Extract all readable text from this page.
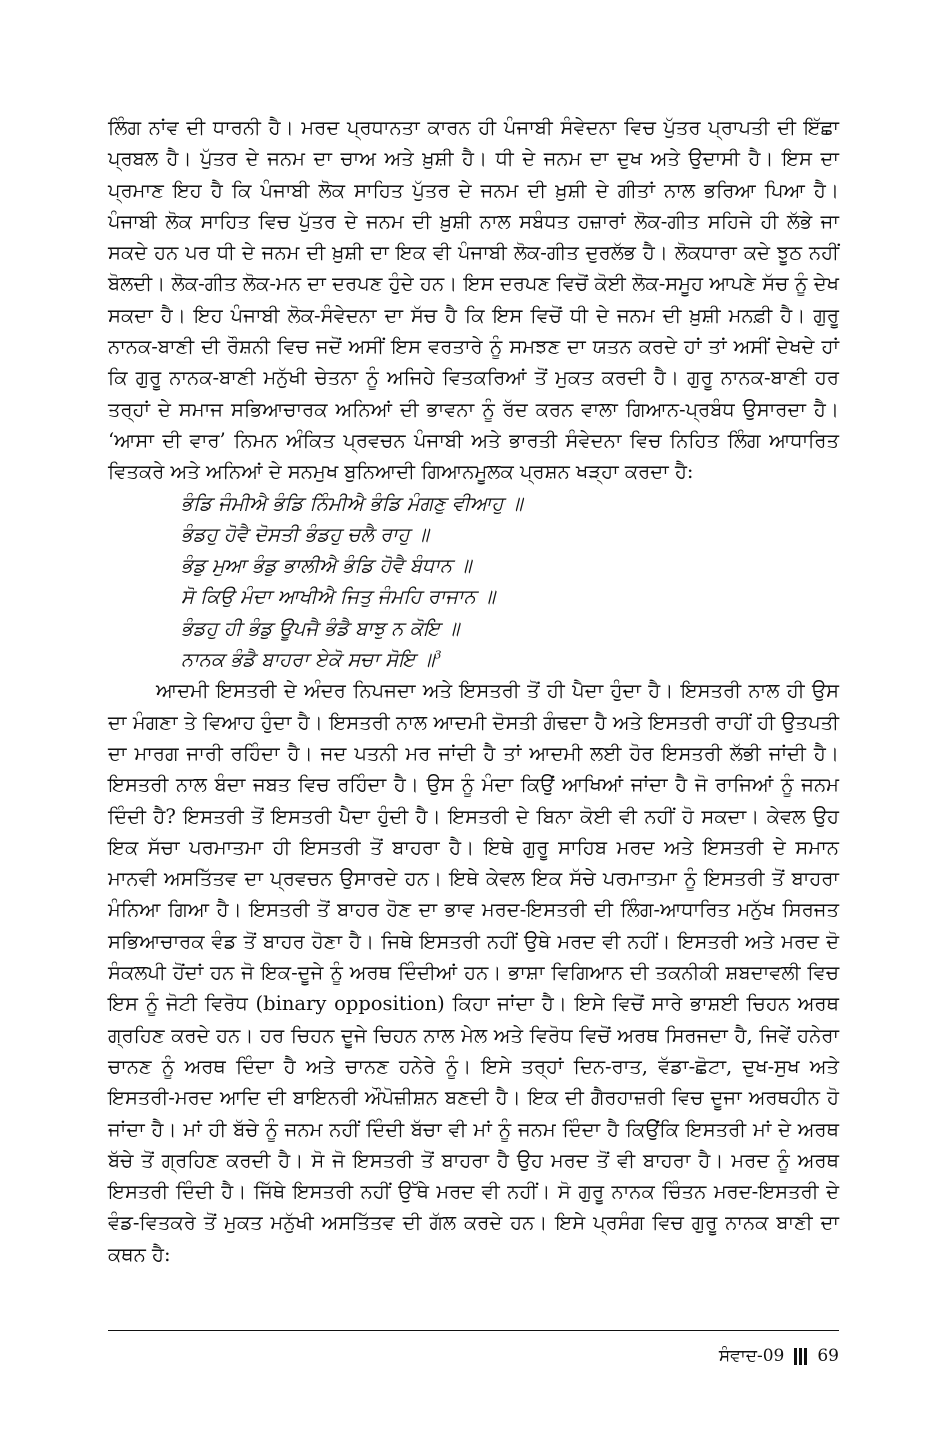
ਲਿੰਗ ਨਾਂਵ ਦੀ ਧਾਰਨੀ ਹੈ। ਮਰਦ ਪ੍ਰਧਾਨਤਾ ਕਾਰਨ ਹੀ ਪੰਜਾਬੀ ਸੰਵੇਦਨਾ ਵਿਚ ਪੁੱਤਰ ਪ੍ਰਾਪਤੀ ਦੀ ਇੱਛਾ ਪ੍ਰਬਲ ਹੈ। ਪੁੱਤਰ ਦੇ ਜਨਮ ਦਾ ਚਾਅ ਅਤੇ ਖ਼ੁਸ਼ੀ ਹੈ। ਧੀ ਦੇ ਜਨਮ ਦਾ ਦੁਖ ਅਤੇ ਉਦਾਸੀ ਹੈ। ਇਸ ਦਾ ਪ੍ਰਮਾਣ ਇਹ ਹੈ ਕਿ ਪੰਜਾਬੀ ਲੋਕ ਸਾਹਿਤ ਪੁੱਤਰ ਦੇ ਜਨਮ ਦੀ ਖ਼ੁਸ਼ੀ ਦੇ ਗੀਤਾਂ ਨਾਲ ਭਰਿਆ ਪਿਆ ਹੈ। ਪੰਜਾਬੀ ਲੋਕ ਸਾਹਿਤ ਵਿਚ ਪੁੱਤਰ ਦੇ ਜਨਮ ਦੀ ਖ਼ੁਸ਼ੀ ਨਾਲ ਸਬੰਧਤ ਹਜ਼ਾਰਾਂ ਲੋਕ-ਗੀਤ ਸਹਿਜੇ ਹੀ ਲੱਭੇ ਜਾ ਸਕਦੇ ਹਨ ਪਰ ਧੀ ਦੇ ਜਨਮ ਦੀ ਖ਼ੁਸ਼ੀ ਦਾ ਇਕ ਵੀ ਪੰਜਾਬੀ ਲੋਕ-ਗੀਤ ਦੁਰਲੱਭ ਹੈ। ਲੋਕਧਾਰਾ ਕਦੇ ਝੂਠ ਨਹੀਂ ਬੋਲਦੀ। ਲੋਕ-ਗੀਤ ਲੋਕ-ਮਨ ਦਾ ਦਰਪਣ ਹੁੰਦੇ ਹਨ। ਇਸ ਦਰਪਣ ਵਿਚੋਂ ਕੋਈ ਲੋਕ-ਸਮੂਹ ਆਪਣੇ ਸੱਚ ਨੂੰ ਦੇਖ ਸਕਦਾ ਹੈ। ਇਹ ਪੰਜਾਬੀ ਲੋਕ-ਸੰਵੇਦਨਾ ਦਾ ਸੱਚ ਹੈ ਕਿ ਇਸ ਵਿਚੋਂ ਧੀ ਦੇ ਜਨਮ ਦੀ ਖ਼ੁਸ਼ੀ ਮਨਫ਼ੀ ਹੈ। ਗੁਰੂ ਨਾਨਕ-ਬਾਣੀ ਦੀ ਰੌਸ਼ਨੀ ਵਿਚ ਜਦੋਂ ਅਸੀਂ ਇਸ ਵਰਤਾਰੇ ਨੂੰ ਸਮਝਣ ਦਾ ਯਤਨ ਕਰਦੇ ਹਾਂ ਤਾਂ ਅਸੀਂ ਦੇਖਦੇ ਹਾਂ ਕਿ ਗੁਰੂ ਨਾਨਕ-ਬਾਣੀ ਮਨੁੱਖੀ ਚੇਤਨਾ ਨੂੰ ਅਜਿਹੇ ਵਿਤਕਰਿਆਂ ਤੋਂ ਮੁਕਤ ਕਰਦੀ ਹੈ। ਗੁਰੂ ਨਾਨਕ-ਬਾਣੀ ਹਰ ਤਰ੍ਹਾਂ ਦੇ ਸਮਾਜ ਸਭਿਆਚਾਰਕ ਅਨਿਆਂ ਦੀ ਭਾਵਨਾ ਨੂੰ ਰੱਦ ਕਰਨ ਵਾਲਾ ਗਿਆਨ-ਪ੍ਰਬੰਧ ਉਸਾਰਦਾ ਹੈ। ‘ਆਸਾ ਦੀ ਵਾਰ’ ਨਿਮਨ ਅੰਕਿਤ ਪ੍ਰਵਚਨ ਪੰਜਾਬੀ ਅਤੇ ਭਾਰਤੀ ਸੰਵੇਦਨਾ ਵਿਚ ਨਿਹਿਤ ਲਿੰਗ ਆਧਾਰਿਤ ਵਿਤਕਰੇ ਅਤੇ ਅਨਿਆਂ ਦੇ ਸਨਮੁਖ ਬੁਨਿਆਦੀ ਗਿਆਨਮੂਲਕ ਪ੍ਰਸ਼ਨ ਖੜ੍ਹਾ ਕਰਦਾ ਹੈ:

ਭੰਡਿ ਜੰਮੀਐ ਭੰਡਿ ਨਿੰਮੀਐ ਭੰਡਿ ਮੰਗਣੁ ਵੀਆਹੁ ॥
ਭੰਡਹੁ ਹੋਵੈ ਦੋਸਤੀ ਭੰਡਹੁ ਚਲੈ ਰਾਹੁ ॥
ਭੰਡੁ ਮੁਆ ਭੰਡੁ ਭਾਲੀਐ ਭੰਡਿ ਹੋਵੈ ਬੰਧਾਨ ॥
ਸੋ ਕਿਉ ਮੰਦਾ ਆਖੀਐ ਜਿਤੁ ਜੰਮਹਿ ਰਾਜਾਨ ॥
ਭੰਡਹੁ ਹੀ ਭੰਡੁ ਊਪਜੈ ਭੰਡੈ ਬਾਝੁ ਨ ਕੋਇ ॥
ਨਾਨਕ ਭੰਡੈ ਬਾਹਰਾ ਏਕੋ ਸਚਾ ਸੋਇ ॥$^3$

ਆਦਮੀ ਇਸਤਰੀ ਦੇ ਅੰਦਰ ਨਿਪਜਦਾ ਅਤੇ ਇਸਤਰੀ ਤੋਂ ਹੀ ਪੈਦਾ ਹੁੰਦਾ ਹੈ। ਇਸਤਰੀ ਨਾਲ ਹੀ ਉਸ ਦਾ ਮੰਗਣਾ ਤੇ ਵਿਆਹ ਹੁੰਦਾ ਹੈ। ਇਸਤਰੀ ਨਾਲ ਆਦਮੀ ਦੋਸਤੀ ਗੰਢਦਾ ਹੈ ਅਤੇ ਇਸਤਰੀ ਰਾਹੀਂ ਹੀ ਉਤਪਤੀ ਦਾ ਮਾਰਗ ਜਾਰੀ ਰਹਿੰਦਾ ਹੈ। ਜਦ ਪਤਨੀ ਮਰ ਜਾਂਦੀ ਹੈ ਤਾਂ ਆਦਮੀ ਲਈ ਹੋਰ ਇਸਤਰੀ ਲੱਭੀ ਜਾਂਦੀ ਹੈ। ਇਸਤਰੀ ਨਾਲ ਬੰਦਾ ਜਬਤ ਵਿਚ ਰਹਿੰਦਾ ਹੈ। ਉਸ ਨੂੰ ਮੰਦਾ ਕਿਉਂ ਆਖਿਆਂ ਜਾਂਦਾ ਹੈ ਜੋ ਰਾਜਿਆਂ ਨੂੰ ਜਨਮ ਦਿੰਦੀ ਹੈ? ਇਸਤਰੀ ਤੋਂ ਇਸਤਰੀ ਪੈਦਾ ਹੁੰਦੀ ਹੈ। ਇਸਤਰੀ ਦੇ ਬਿਨਾ ਕੋਈ ਵੀ ਨਹੀਂ ਹੋ ਸਕਦਾ। ਕੇਵਲ ਉਹ ਇਕ ਸੱਚਾ ਪਰਮਾਤਮਾ ਹੀ ਇਸਤਰੀ ਤੋਂ ਬਾਹਰਾ ਹੈ। ਇਥੇ ਗੁਰੂ ਸਾਹਿਬ ਮਰਦ ਅਤੇ ਇਸਤਰੀ ਦੇ ਸਮਾਨ ਮਾਨਵੀ ਅਸਤਿੱਤਵ ਦਾ ਪ੍ਰਵਚਨ ਉਸਾਰਦੇ ਹਨ। ਇਥੇ ਕੇਵਲ ਇਕ ਸੱਚੇ ਪਰਮਾਤਮਾ ਨੂੰ ਇਸਤਰੀ ਤੋਂ ਬਾਹਰਾ ਮੰਨਿਆ ਗਿਆ ਹੈ। ਇਸਤਰੀ ਤੋਂ ਬਾਹਰ ਹੋਣ ਦਾ ਭਾਵ ਮਰਦ-ਇਸਤਰੀ ਦੀ ਲਿੰਗ-ਆਧਾਰਿਤ ਮਨੁੱਖ ਸਿਰਜਤ ਸਭਿਆਚਾਰਕ ਵੰਡ ਤੋਂ ਬਾਹਰ ਹੋਣਾ ਹੈ। ਜਿਥੇ ਇਸਤਰੀ ਨਹੀਂ ਉਥੇ ਮਰਦ ਵੀ ਨਹੀਂ। ਇਸਤਰੀ ਅਤੇ ਮਰਦ ਦੋ ਸੰਕਲਪੀ ਹੋਂਦਾਂ ਹਨ ਜੋ ਇਕ-ਦੂਜੇ ਨੂੰ ਅਰਥ ਦਿੰਦੀਆਂ ਹਨ। ਭਾਸ਼ਾ ਵਿਗਿਆਨ ਦੀ ਤਕਨੀਕੀ ਸ਼ਬਦਾਵਲੀ ਵਿਚ ਇਸ ਨੂੰ ਜੋਟੀ ਵਿਰੋਧ (binary opposition) ਕਿਹਾ ਜਾਂਦਾ ਹੈ। ਇਸੇ ਵਿਚੋਂ ਸਾਰੇ ਭਾਸ਼ਈ ਚਿਹਨ ਅਰਥ ਗ੍ਰਹਿਣ ਕਰਦੇ ਹਨ। ਹਰ ਚਿਹਨ ਦੂਜੇ ਚਿਹਨ ਨਾਲ ਮੇਲ ਅਤੇ ਵਿਰੋਧ ਵਿਚੋਂ ਅਰਥ ਸਿਰਜਦਾ ਹੈ, ਜਿਵੇਂ ਹਨੇਰਾ ਚਾਨਣ ਨੂੰ ਅਰਥ ਦਿੰਦਾ ਹੈ ਅਤੇ ਚਾਨਣ ਹਨੇਰੇ ਨੂੰ। ਇਸੇ ਤਰ੍ਹਾਂ ਦਿਨ-ਰਾਤ, ਵੱਡਾ-ਛੋਟਾ, ਦੁਖ-ਸੁਖ ਅਤੇ ਇਸਤਰੀ-ਮਰਦ ਆਦਿ ਦੀ ਬਾਇਨਰੀ ਔਪੋਜ਼ੀਸ਼ਨ ਬਣਦੀ ਹੈ। ਇਕ ਦੀ ਗੈਰਹਾਜ਼ਰੀ ਵਿਚ ਦੂਜਾ ਅਰਥਹੀਨ ਹੋ ਜਾਂਦਾ ਹੈ। ਮਾਂ ਹੀ ਬੱਚੇ ਨੂੰ ਜਨਮ ਨਹੀਂ ਦਿੰਦੀ ਬੱਚਾ ਵੀ ਮਾਂ ਨੂੰ ਜਨਮ ਦਿੰਦਾ ਹੈ ਕਿਉਂਕਿ ਇਸਤਰੀ ਮਾਂ ਦੇ ਅਰਥ ਬੱਚੇ ਤੋਂ ਗ੍ਰਹਿਣ ਕਰਦੀ ਹੈ। ਸੋ ਜੋ ਇਸਤਰੀ ਤੋਂ ਬਾਹਰਾ ਹੈ ਉਹ ਮਰਦ ਤੋਂ ਵੀ ਬਾਹਰਾ ਹੈ। ਮਰਦ ਨੂੰ ਅਰਥ ਇਸਤਰੀ ਦਿੰਦੀ ਹੈ। ਜਿੱਥੇ ਇਸਤਰੀ ਨਹੀਂ ਉੱਥੇ ਮਰਦ ਵੀ ਨਹੀਂ। ਸੋ ਗੁਰੂ ਨਾਨਕ ਚਿੰਤਨ ਮਰਦ-ਇਸਤਰੀ ਦੇ ਵੰਡ-ਵਿਤਕਰੇ ਤੋਂ ਮੁਕਤ ਮਨੁੱਖੀ ਅਸਤਿੱਤਵ ਦੀ ਗੱਲ ਕਰਦੇ ਹਨ। ਇਸੇ ਪ੍ਰਸੰਗ ਵਿਚ ਗੁਰੂ ਨਾਨਕ ਬਾਣੀ ਦਾ ਕਥਨ ਹੈ:

ਸੰਵਾਦ-09 69
